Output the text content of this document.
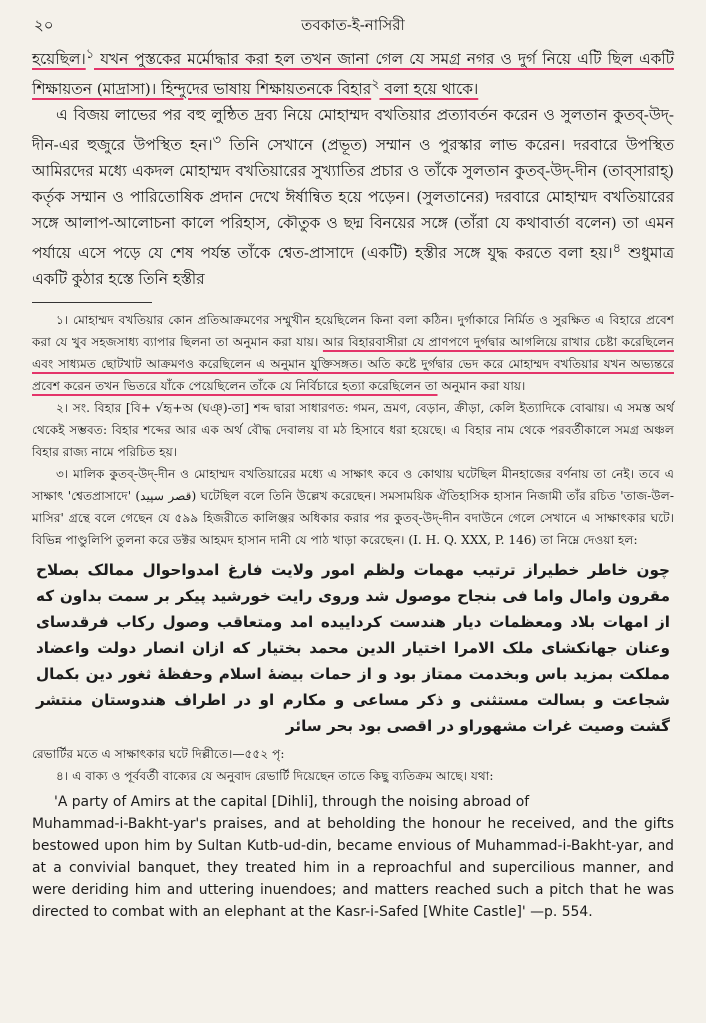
২০	তবকাত-ই-নাসিরী

হয়েছিল।$^১$ যখন পুস্তকের মর্মোদ্ধার করা হল তখন জানা গেল যে সমগ্র নগর ও দুর্গ নিয়ে এটি ছিল একটি শিক্ষায়তন (মাদ্রাসা)। হিন্দুদের ভাষায় শিক্ষায়তনকে বিহার$^২$ বলা হয়ে থাকে।

এ বিজয় লাভের পর বহু লুন্ঠিত দ্রব্য নিয়ে মোহাম্মদ বখতিয়ার প্রত্যাবর্তন করেন ও সুলতান কুতব্-উদ্-দীন-এর হুজুরে উপস্থিত হন।$^৩$ তিনি সেখানে (প্রভূত) সম্মান ও পুরস্কার লাভ করেন। দরবারে উপস্থিত আমিরদের মধ্যে একদল মোহাম্মদ বখতিয়ারের সুখ্যাতির প্রচার ও তাঁকে সুলতান কুতব্-উদ্-দীন (তাব্‌সারাহ্) কর্তৃক সম্মান ও পারিতোষিক প্রদান দেখে ঈর্ষান্বিত হয়ে পড়েন। (সুলতানের) দরবারে মোহাম্মদ বখতিয়ারের সঙ্গে আলাপ-আলোচনা কালে পরিহাস, কৌতুক ও ছদ্ম বিনয়ের সঙ্গে (তাঁরা যে কথাবার্তা বলেন) তা এমন পর্যায়ে এসে পড়ে যে শেষ পর্যন্ত তাঁকে শ্বেত-প্রাসাদে (একটি) হস্তীর সঙ্গে যুদ্ধ করতে বলা হয়।$^৪$ শুধুমাত্র একটি কুঠার হস্তে তিনি হস্তীর

১। মোহাম্মদ বখতিয়ার কোন প্রতিআক্রমণের সম্মুখীন হয়েছিলেন কিনা বলা কঠিন। দুর্গাকারে নির্মিত ও সুরক্ষিত এ বিহারে প্রবেশ করা যে খুব সহজসাধ্য ব্যাপার ছিলনা তা অনুমান করা যায়। আর বিহারবাসীরা যে প্রাণপণে দুর্গদ্বার আগলিয়ে রাখার চেষ্টা করেছিলেন এবং সাধ্যমত ছোটখাট আক্রমণও করেছিলেন এ অনুমান যুক্তিসঙ্গত। অতি কষ্টে দুর্গদ্বার ভেদ করে মোহাম্মদ বখতিয়ার যখন অভ্যন্তরে প্রবেশ করেন তখন ভিতরে যাঁকে পেয়েছিলেন তাঁকে যে নির্বিচারে হত্যা করেছিলেন তা অনুমান করা যায়।

২। সং. বিহার [বি+ √হৃ+অ (ঘঞ্)-তা] শব্দ দ্বারা সাধারণত: গমন, ভ্রমণ, বেড়ান, ক্রীড়া, কেলি ইত্যাদিকে বোঝায়। এ সমস্ত অর্থ থেকেই সম্ভবত: বিহার শব্দের আর এক অর্থ বৌদ্ধ দেবালয় বা মঠ হিসাবে ধরা হয়েছে। এ বিহার নাম থেকে পরবর্তীকালে সমগ্র অঞ্চল বিহার রাজ্য নামে পরিচিত হয়।

৩। মালিক কুতব্-উদ্-দীন ও মোহাম্মদ বখতিয়ারের মধ্যে এ সাক্ষাৎ কবে ও কোথায় ঘটেছিল মীনহাজের বর্ণনায় তা নেই। তবে এ সাক্ষাৎ 'শ্বেতপ্রাসাদে' (قصر سپید) ঘটেছিল বলে তিনি উল্লেখ করেছেন। সমসাময়িক ঐতিহাসিক হাসান নিজামী তাঁর রচিত 'তাজ-উল-মাসির' গ্রন্থে বলে গেছেন যে ৫৯৯ হিজরীতে কালিঞ্জর অধিকার করার পর কুতব্-উদ্-দীন বদাউনে গেলে সেখানে এ সাক্ষাৎকার ঘটে। বিভিন্ন পাণ্ডুলিপি তুলনা করে ডক্টর আহমদ হাসান দানী যে পাঠ খাড়া করেছেন। (I. H. Q. XXX, P. 146) তা নিম্নে দেওয়া হল:

چون خاطر خطیراز ترتیب مهمات ولظم امور ولایت فارغ امدواحوال ممالک بصلاح مقرون وامال واما فی بنجاح موصول شد وروی رایت خورشید پیکر بر سمت بداون که از امهات بلاد ومعظمات دیار هندست کرداییده امد ومتعاقب وصول رکاب فرقدسای وعنان جهانکشای ملک الامرا اختیار الدین محمد بختیار که ازان انصار دولت واعضاد مملکت بمزید باس وبخدمت ممتاز بود و از حمات بیضهٔ اسلام وحفظهٔ ثغور دین بکمال شجاعت و بسالت مستثنی و ذکر مساعی و مکارم او در اطراف هندوستان منتشر گشت وصیت غرات مشهوراو در اقصی بود بحر سائر

রেভার্টির মতে এ সাক্ষাৎকার ঘটে দিল্লীতে।—৫৫২ পৃ:

৪। এ বাক্য ও পূর্ববর্তী বাক্যের যে অনুবাদ রেভার্টি দিয়েছেন তাতে কিছু ব্যতিক্রম আছে। যথা:

'A party of Amirs at the capital [Dihli], through the noising abroad of
Muhammad-i-Bakht-yar's praises, and at beholding the honour he received, and the gifts bestowed upon him by Sultan Kutb-ud-din, became envious of Muhammad-i-Bakht-yar, and at a convivial banquet, they treated him in a reproachful and supercilious manner, and were deriding him and uttering inuendoes; and matters reached such a pitch that he was directed to combat with an elephant at the Kasr-i-Safed [White Castle]' —p. 554.
